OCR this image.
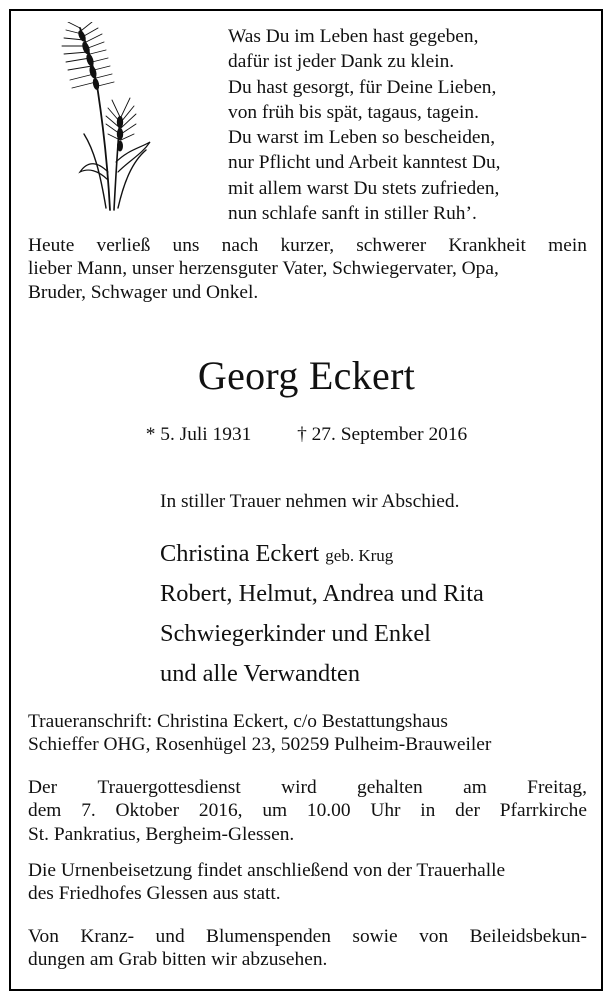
Was Du im Leben hast gegeben,
dafür ist jeder Dank zu klein.
Du hast gesorgt, für Deine Lieben,
von früh bis spät, tagaus, tagein.
Du warst im Leben so bescheiden,
nur Pflicht und Arbeit kanntest Du,
mit allem warst Du stets zufrieden,
nun schlafe sanft in stiller Ruh’.
Heute verließ uns nach kurzer, schwerer Krankheit mein
lieber Mann, unser herzensguter Vater, Schwiegervater, Opa,
Bruder, Schwager und Onkel.
Georg Eckert
* 5. Juli 1931 † 27. September 2016
In stiller Trauer nehmen wir Abschied.
Christina Eckert geb. Krug
Robert, Helmut, Andrea und Rita
Schwiegerkinder und Enkel
und alle Verwandten
Traueranschrift: Christina Eckert, c/o Bestattungshaus
Schieffer OHG, Rosenhügel 23, 50259 Pulheim-Brauweiler
Der Trauergottesdienst wird gehalten am Freitag,
dem 7. Oktober 2016, um 10.00 Uhr in der Pfarrkirche
St. Pankratius, Bergheim-Glessen.
Die Urnenbeisetzung findet anschließend von der Trauerhalle
des Friedhofes Glessen aus statt.
Von Kranz- und Blumenspenden sowie von Beileidsbekun-
dungen am Grab bitten wir abzusehen.
